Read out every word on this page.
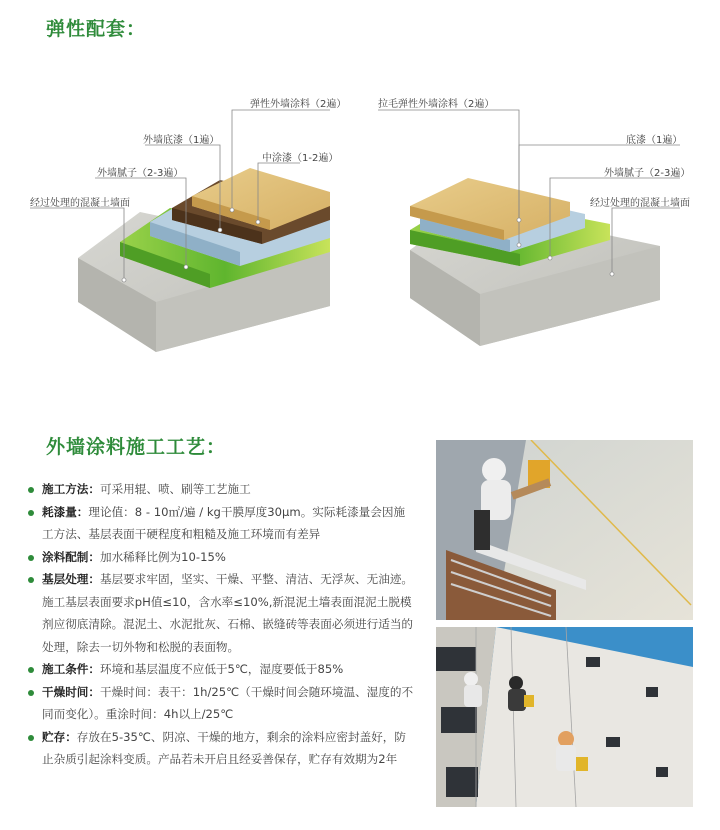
弹性配套：
弹性外墙涂料（2遍）
外墙底漆（1遍）
中涂漆（1-2遍）
外墙腻子（2-3遍）
经过处理的混凝土墙面
拉毛弹性外墙涂料（2遍）
底漆（1遍）
外墙腻子（2-3遍）
经过处理的混凝土墙面
外墙涂料施工工艺：
施工方法：可采用辊、喷、刷等工艺施工
耗漆量：理论值：8 - 10㎡/遍 / kg干膜厚度30μm。实际耗漆量会因施工方法、基层表面干硬程度和粗糙及施工环境而有差异
涂料配制：加水稀释比例为10-15%
基层处理：基层要求牢固，坚实、干燥、平整、清洁、无浮灰、无油迹。施工基层表面要求pH值≤10，含水率≤10%,新混泥土墙表面混泥土脱模剂应彻底清除。混泥土、水泥批灰、石棉、嵌缝砖等表面必须进行适当的处理，除去一切外物和松脱的表面物。
施工条件：环境和基层温度不应低于5℃，湿度要低于85%
干燥时间：干燥时间：表干：1h/25℃（干燥时间会随环境温、湿度的不同而变化）。重涂时间：4h以上/25℃
贮存：存放在5-35℃、阴凉、干燥的地方，剩余的涂料应密封盖好，防止杂质引起涂料变质。产品若未开启且经妥善保存，贮存有效期为2年
